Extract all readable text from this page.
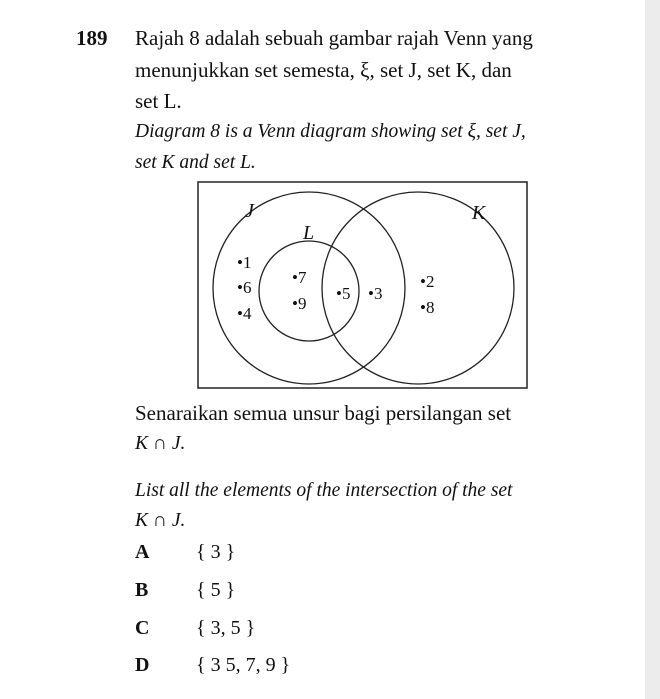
189 Rajah 8 adalah sebuah gambar rajah Venn yang
menunjukkan set semesta, ξ, set J, set K, dan
set L.
Diagram 8 is a Venn diagram showing set ξ, set J,
set K and set L.
J	K
L
•1
•6
•4
•7
•9
•5 •3
•2
•8
Senaraikan semua unsur bagi persilangan set
K ∩ J.
List all the elements of the intersection of the set
K ∩ J.
A { 3 }
B { 5 }
C { 3, 5 }
D { 3 5, 7, 9 }
